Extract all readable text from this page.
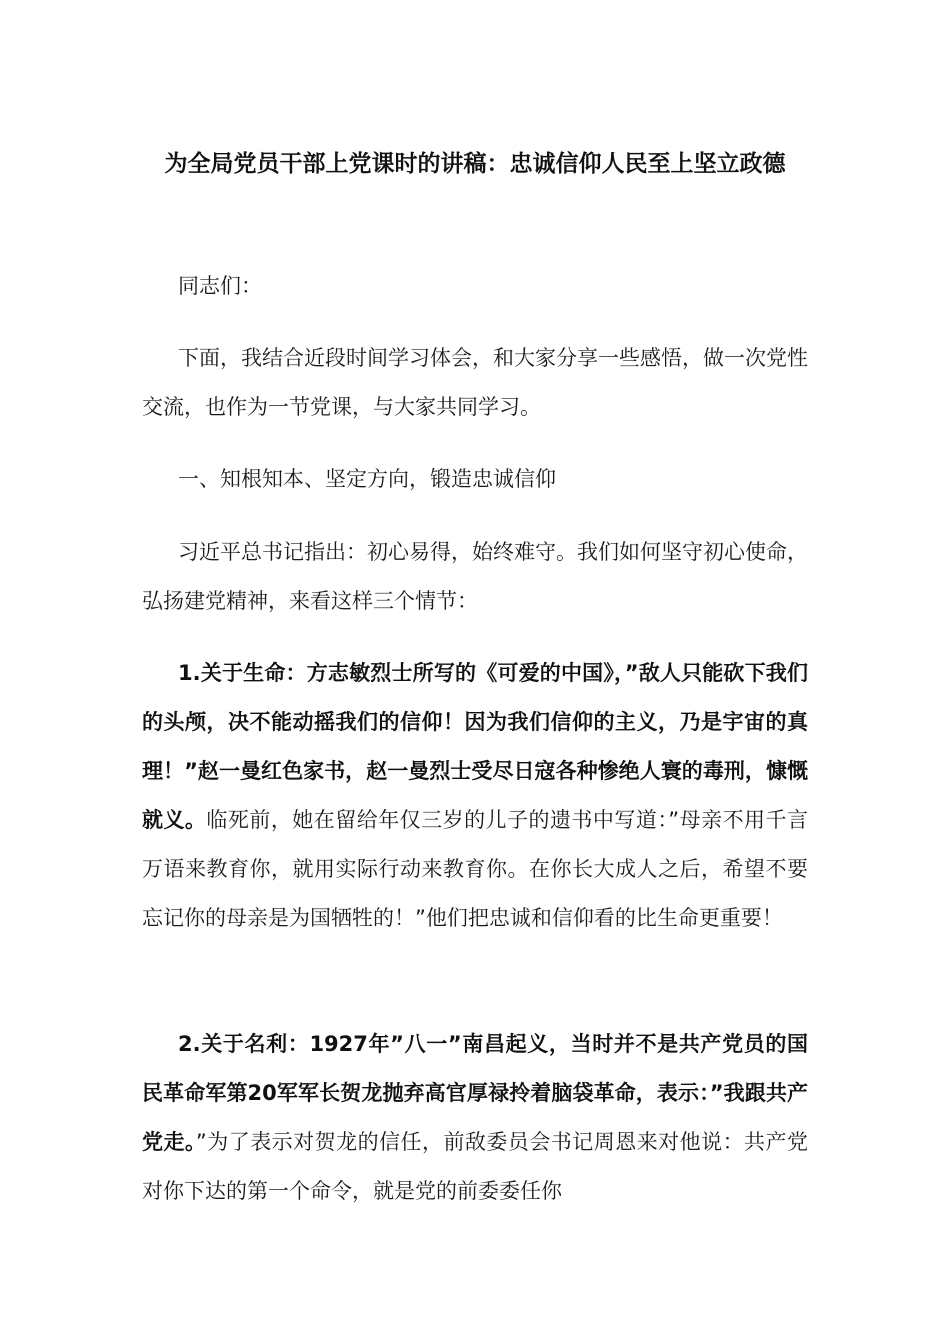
为全局党员干部上党课时的讲稿：忠诚信仰人民至上坚立政德

同志们：

下面，我结合近段时间学习体会，和大家分享一些感悟，做一次党性交流，也作为一节党课，与大家共同学习。

一、知根知本、坚定方向，锻造忠诚信仰

习近平总书记指出：初心易得，始终难守。我们如何坚守初心使命，弘扬建党精神，来看这样三个情节：

1.关于生命：方志敏烈士所写的《可爱的中国》，”敌人只能砍下我们的头颅，决不能动摇我们的信仰！因为我们信仰的主义，乃是宇宙的真理！”赵一曼红色家书，赵一曼烈士受尽日寇各种惨绝人寰的毒刑，慷慨就义。临死前，她在留给年仅三岁的儿子的遗书中写道：”母亲不用千言万语来教育你，就用实际行动来教育你。在你长大成人之后，希望不要忘记你的母亲是为国牺牲的！”他们把忠诚和信仰看的比生命更重要！

2.关于名利：1927年”八一”南昌起义，当时并不是共产党员的国民革命军第20军军长贺龙抛弃高官厚禄拎着脑袋革命，表示：”我跟共产党走。”为了表示对贺龙的信任，前敌委员会书记周恩来对他说：共产党对你下达的第一个命令，就是党的前委委任你
